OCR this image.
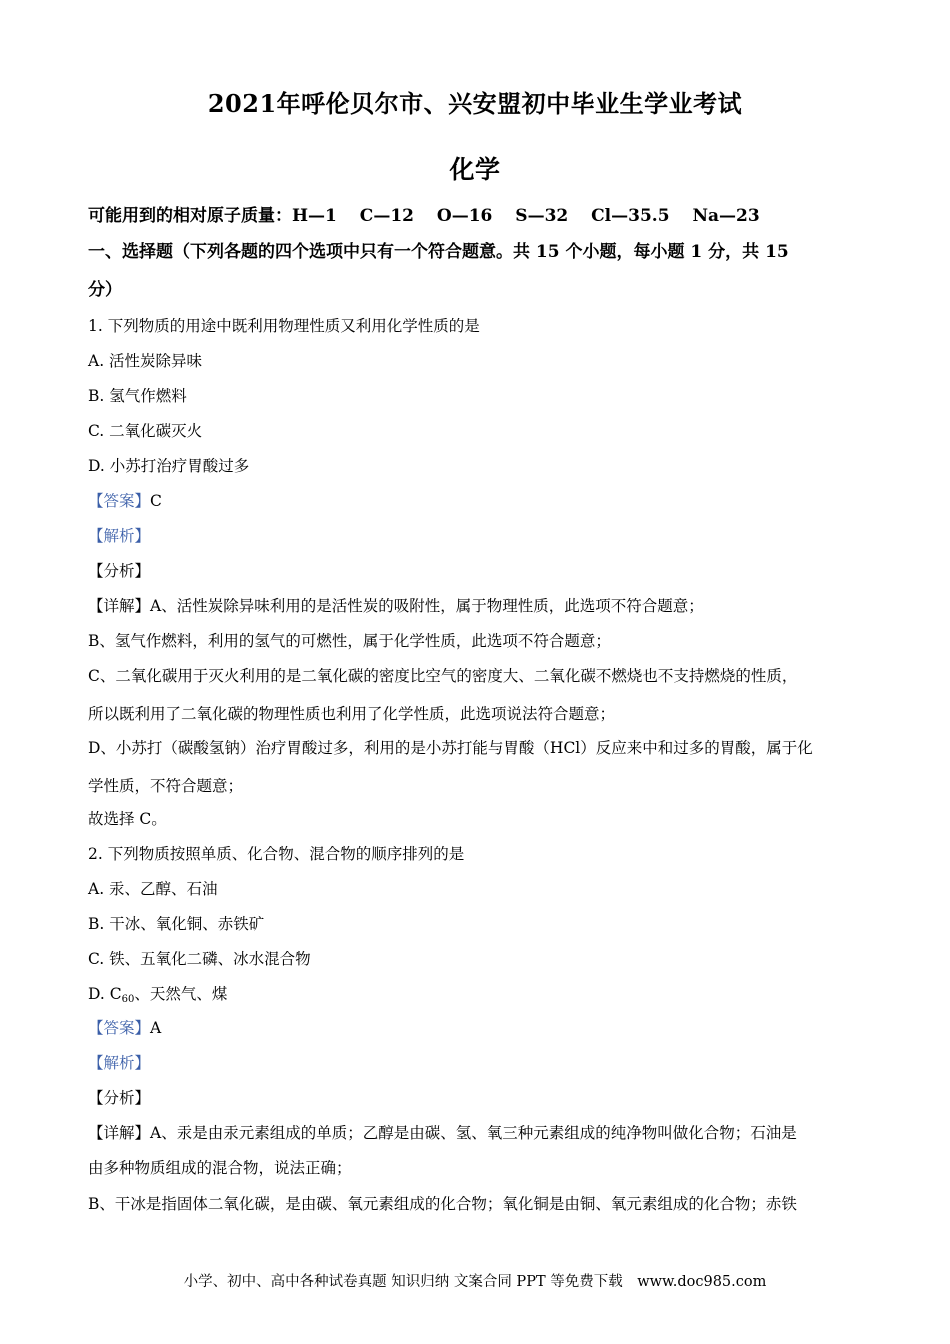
2021年呼伦贝尔市、兴安盟初中毕业生学业考试
化学
可能用到的相对原子质量：H—1　 C—12　 O—16　 S—32　 Cl—35.5　 Na—23
一、选择题（下列各题的四个选项中只有一个符合题意。共 15 个小题，每小题 1 分，共 15
分）
1. 下列物质的用途中既利用物理性质又利用化学性质的是
A. 活性炭除异味
B. 氢气作燃料
C. 二氧化碳灭火
D. 小苏打治疗胃酸过多
【答案】C
【解析】
【分析】
【详解】A、活性炭除异味利用的是活性炭的吸附性，属于物理性质，此选项不符合题意；
B、氢气作燃料，利用的氢气的可燃性，属于化学性质，此选项不符合题意；
C、二氧化碳用于灭火利用的是二氧化碳的密度比空气的密度大、二氧化碳不燃烧也不支持燃烧的性质，
所以既利用了二氧化碳的物理性质也利用了化学性质，此选项说法符合题意；
D、小苏打（碳酸氢钠）治疗胃酸过多，利用的是小苏打能与胃酸（HCl）反应来中和过多的胃酸，属于化
学性质，不符合题意；
故选择 C。
2. 下列物质按照单质、化合物、混合物的顺序排列的是
A. 汞、乙醇、石油
B. 干冰、氧化铜、赤铁矿
C. 铁、五氧化二磷、冰水混合物
D. $C_{60}$、天然气、煤
【答案】A
【解析】
【分析】
【详解】A、汞是由汞元素组成的单质；乙醇是由碳、氢、氧三种元素组成的纯净物叫做化合物；石油是
由多种物质组成的混合物，说法正确；
B、干冰是指固体二氧化碳，是由碳、氧元素组成的化合物；氧化铜是由铜、氧元素组成的化合物；赤铁
小学、初中、高中各种试卷真题 知识归纳 文案合同 PPT 等免费下载　www.doc985.com
